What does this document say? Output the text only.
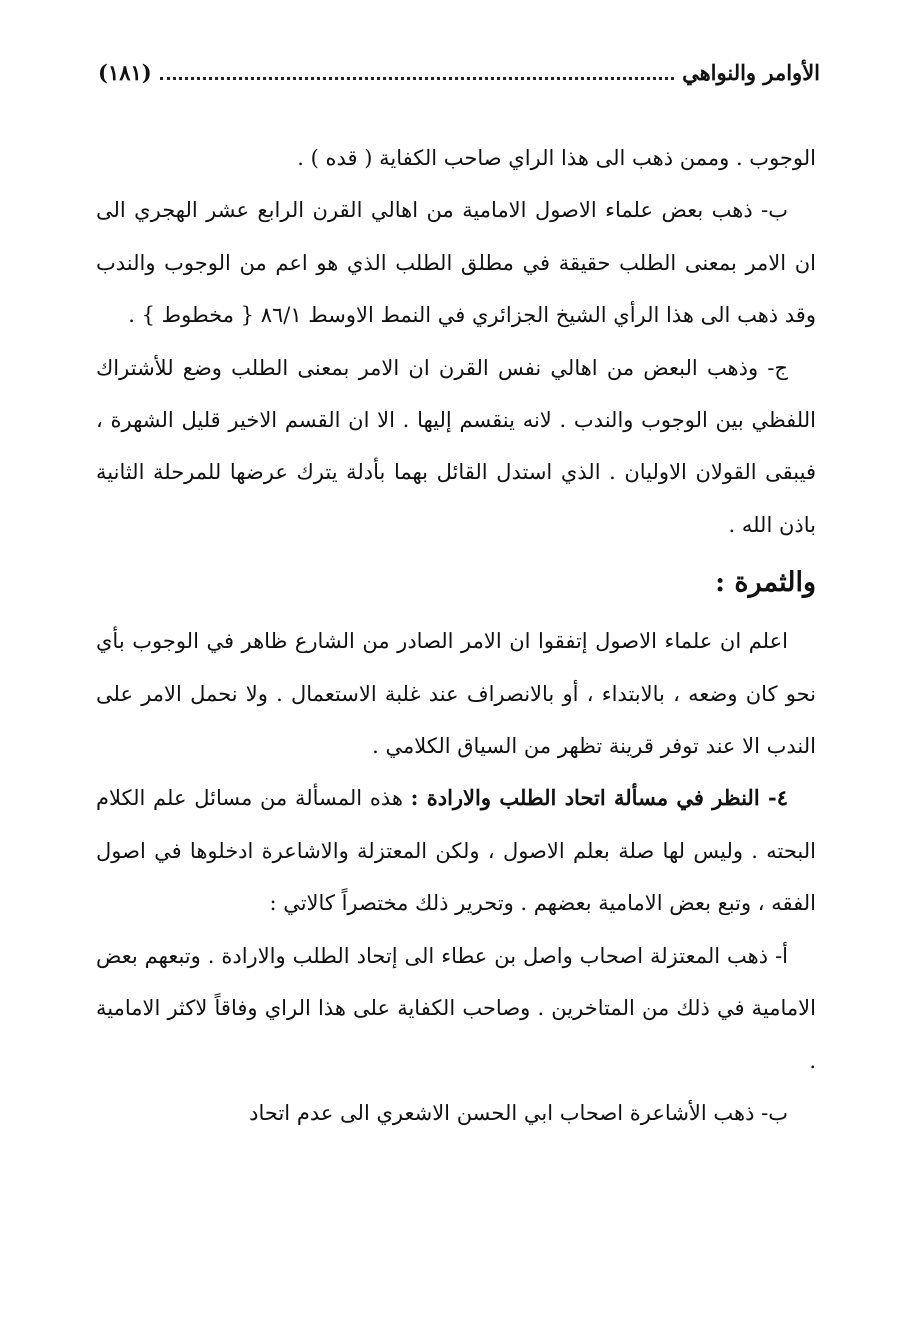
الأوامر والنواهي
(١٨١)

الوجوب . وممن ذهب الى هذا الراي صاحب الكفاية ( قده ) .

ب- ذهب بعض علماء الاصول الامامية من اهالي القرن الرابع عشر الهجري الى ان الامر بمعنى الطلب حقيقة في مطلق الطلب الذي هو اعم من الوجوب والندب وقد ذهب الى هذا الرأي الشيخ الجزائري في النمط الاوسط ٨٦/١ { مخطوط } .

ج- وذهب البعض من اهالي نفس القرن ان الامر بمعنى الطلب وضع للأشتراك اللفظي بين الوجوب والندب . لانه ينقسم إليها . الا ان القسم الاخير قليل الشهرة ، فيبقى القولان الاوليان . الذي استدل القائل بهما بأدلة يترك عرضها للمرحلة الثانية باذن الله .

والثمرة :

اعلم ان علماء الاصول إتفقوا ان الامر الصادر من الشارع ظاهر في الوجوب بأي نحو كان وضعه ، بالابتداء ، أو بالانصراف عند غلبة الاستعمال . ولا نحمل الامر على الندب الا عند توفر قرينة تظهر من السياق الكلامي .

٤- النظر في مسألة اتحاد الطلب والارادة : هذه المسألة من مسائل علم الكلام البحته . وليس لها صلة بعلم الاصول ، ولكن المعتزلة والاشاعرة ادخلوها في اصول الفقه ، وتبع بعض الامامية بعضهم . وتحرير ذلك مختصراً كالاتي :

أ- ذهب المعتزلة اصحاب واصل بن عطاء الى إتحاد الطلب والارادة . وتبعهم بعض الامامية في ذلك من المتاخرين . وصاحب الكفاية على هذا الراي وفاقاً لاكثر الامامية .

ب- ذهب الأشاعرة اصحاب ابي الحسن الاشعري الى عدم اتحاد
